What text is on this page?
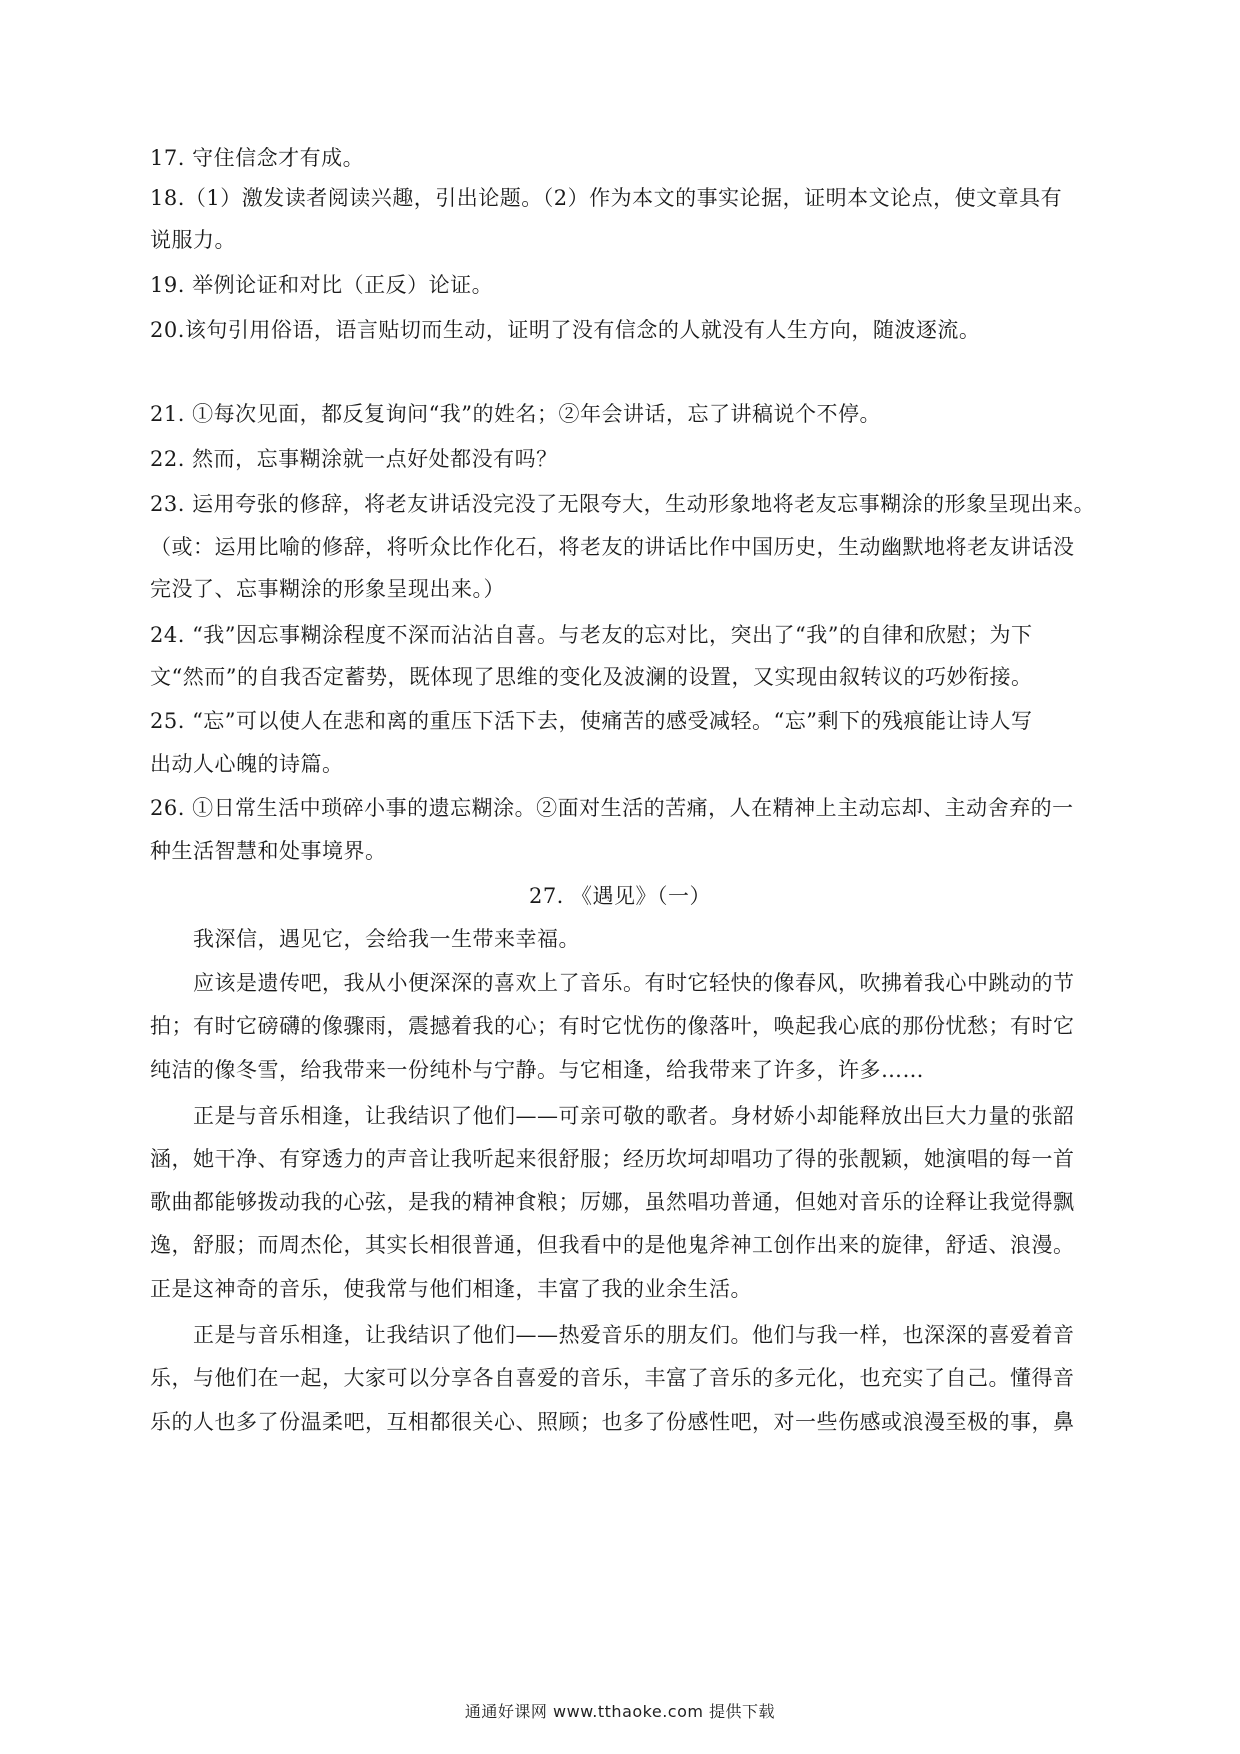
17. 守住信念才有成。
18.（1）激发读者阅读兴趣，引出论题。（2）作为本文的事实论据，证明本文论点，使文章具有
说服力。
19. 举例论证和对比（正反）论证。
20.该句引用俗语，语言贴切而生动，证明了没有信念的人就没有人生方向，随波逐流。
21. ①每次见面，都反复询问“我”的姓名；②年会讲话，忘了讲稿说个不停。
22. 然而，忘事糊涂就一点好处都没有吗？
23. 运用夸张的修辞，将老友讲话没完没了无限夸大，生动形象地将老友忘事糊涂的形象呈现出来。
（或：运用比喻的修辞，将听众比作化石，将老友的讲话比作中国历史，生动幽默地将老友讲话没
完没了、忘事糊涂的形象呈现出来。）
24. “我”因忘事糊涂程度不深而沾沾自喜。与老友的忘对比，突出了“我”的自律和欣慰；为下
文“然而”的自我否定蓄势，既体现了思维的变化及波澜的设置，又实现由叙转议的巧妙衔接。
25. “忘”可以使人在悲和离的重压下活下去，使痛苦的感受减轻。“忘”剩下的残痕能让诗人写
出动人心魄的诗篇。
26. ①日常生活中琐碎小事的遗忘糊涂。②面对生活的苦痛，人在精神上主动忘却、主动舍弃的一
种生活智慧和处事境界。
27. 《遇见》（一）
我深信，遇见它，会给我一生带来幸福。
应该是遗传吧，我从小便深深的喜欢上了音乐。有时它轻快的像春风，吹拂着我心中跳动的节
拍；有时它磅礴的像骤雨，震撼着我的心；有时它忧伤的像落叶，唤起我心底的那份忧愁；有时它
纯洁的像冬雪，给我带来一份纯朴与宁静。与它相逢，给我带来了许多，许多……
正是与音乐相逢，让我结识了他们——可亲可敬的歌者。身材娇小却能释放出巨大力量的张韶
涵，她干净、有穿透力的声音让我听起来很舒服；经历坎坷却唱功了得的张靓颖，她演唱的每一首
歌曲都能够拨动我的心弦，是我的精神食粮；厉娜，虽然唱功普通，但她对音乐的诠释让我觉得飘
逸，舒服；而周杰伦，其实长相很普通，但我看中的是他鬼斧神工创作出来的旋律，舒适、浪漫。
正是这神奇的音乐，使我常与他们相逢，丰富了我的业余生活。
正是与音乐相逢，让我结识了他们——热爱音乐的朋友们。他们与我一样，也深深的喜爱着音
乐，与他们在一起，大家可以分享各自喜爱的音乐，丰富了音乐的多元化，也充实了自己。懂得音
乐的人也多了份温柔吧，互相都很关心、照顾；也多了份感性吧，对一些伤感或浪漫至极的事，鼻
通通好课网 www.tthaoke.com 提供下载
